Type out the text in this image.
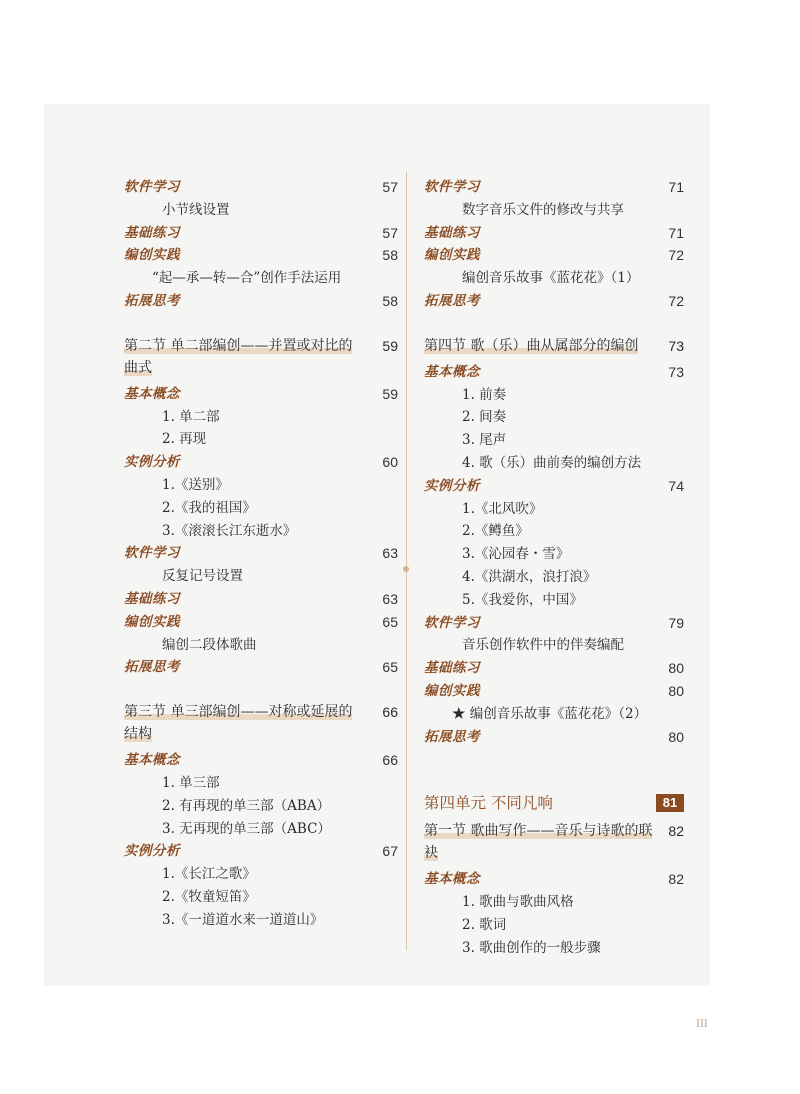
软件学习	57
小节线设置
基础练习	57
编创实践	58
“起—承—转—合”创作手法运用
拓展思考	58
第二节 单二部编创——并置或对比的
曲式
59
基本概念	59
1. 单二部
2. 再现
实例分析	60
1.《送别》
2.《我的祖国》
3.《滚滚长江东逝水》
软件学习	63
反复记号设置
基础练习	63
编创实践	65
编创二段体歌曲
拓展思考	65
第三节 单三部编创——对称或延展的
结构
66
基本概念	66
1. 单三部
2. 有再现的单三部（ABA）
3. 无再现的单三部（ABC）
实例分析	67
1.《长江之歌》
2.《牧童短笛》
3.《一道道水来一道道山》
软件学习	71
数字音乐文件的修改与共享
基础练习	71
编创实践	72
编创音乐故事《蓝花花》（1）
拓展思考	72
第四节 歌（乐）曲从属部分的编创	73
基本概念	73
1. 前奏
2. 间奏
3. 尾声
4. 歌（乐）曲前奏的编创方法
实例分析	74
1.《北风吹》
2.《鳟鱼》
3.《沁园春・雪》
4.《洪湖水，浪打浪》
5.《我爱你，中国》
软件学习	79
音乐创作软件中的伴奏编配
基础练习	80
编创实践	80
★ 编创音乐故事《蓝花花》（2）
拓展思考	80
第四单元 不同凡响	81
第一节 歌曲写作——音乐与诗歌的联袂
82
基本概念	82
1. 歌曲与歌曲风格
2. 歌词
3. 歌曲创作的一般步骤
III
